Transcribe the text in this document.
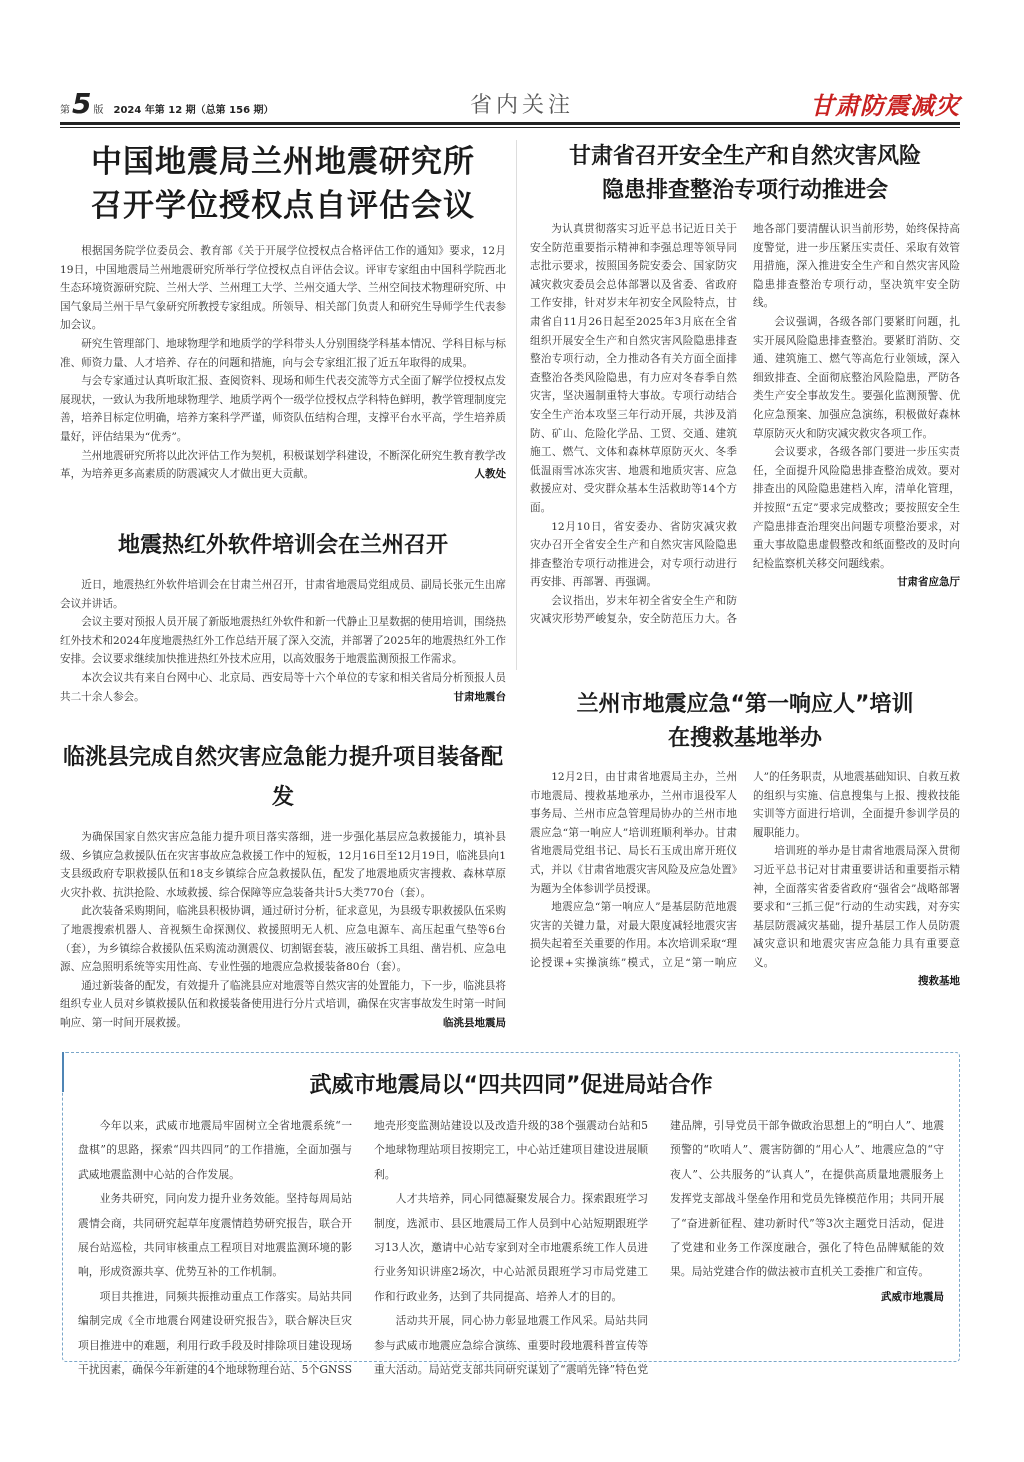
第 5 版 2024 年第 12 期（总第 156 期）	省内关注	甘肃防震减灾
中国地震局兰州地震研究所
召开学位授权点自评估会议

根据国务院学位委员会、教育部《关于开展学位授权点合格评估工作的通知》要求，12月19日，中国地震局兰州地震研究所举行学位授权点自评估会议。评审专家组由中国科学院西北生态环境资源研究院、兰州大学、兰州理工大学、兰州交通大学、兰州空间技术物理研究所、中国气象局兰州干旱气象研究所教授专家组成。所领导、相关部门负责人和研究生导师学生代表参加会议。

研究生管理部门、地球物理学和地质学的学科带头人分别围绕学科基本情况、学科目标与标准、师资力量、人才培养、存在的问题和措施，向与会专家组汇报了近五年取得的成果。

与会专家通过认真听取汇报、查阅资料、现场和师生代表交流等方式全面了解学位授权点发展现状，一致认为我所地球物理学、地质学两个一级学位授权点学科特色鲜明，教学管理制度完善，培养目标定位明确，培养方案科学严谨，师资队伍结构合理，支撑平台水平高，学生培养质量好，评估结果为“优秀”。

兰州地震研究所将以此次评估工作为契机，积极谋划学科建设，不断深化研究生教育教学改革，为培养更多高素质的防震减灾人才做出更大贡献。	人教处

地震热红外软件培训会在兰州召开

近日，地震热红外软件培训会在甘肃兰州召开，甘肃省地震局党组成员、副局长张元生出席会议并讲话。

会议主要对预报人员开展了新版地震热红外软件和新一代静止卫星数据的使用培训，围绕热红外技术和2024年度地震热红外工作总结开展了深入交流，并部署了2025年的地震热红外工作安排。会议要求继续加快推进热红外技术应用，以高效服务于地震监测预报工作需求。

本次会议共有来自台网中心、北京局、西安局等十六个单位的专家和相关省局分析预报人员共二十余人参会。	甘肃地震台

临洮县完成自然灾害应急能力提升项目装备配发

为确保国家自然灾害应急能力提升项目落实落细，进一步强化基层应急救援能力，填补县级、乡镇应急救援队伍在灾害事故应急救援工作中的短板，12月16日至12月19日，临洮县向1支县级政府专职救援队伍和18支乡镇综合应急救援队伍，配发了地震地质灾害搜救、森林草原火灾扑救、抗洪抢险、水域救援、综合保障等应急装备共计5大类770台（套）。

此次装备采购期间，临洮县积极协调，通过研讨分析，征求意见，为县级专职救援队伍采购了地震搜索机器人、音视频生命探测仪、救援照明无人机、应急电源车、高压起重气垫等6台（套），为乡镇综合救援队伍采购流动测震仪、切割锯套装，液压破拆工具组、凿岩机、应急电源、应急照明系统等实用性高、专业性强的地震应急救援装备80台（套）。

通过新装备的配发，有效提升了临洮县应对地震等自然灾害的处置能力，下一步，临洮县将组织专业人员对乡镇救援队伍和救援装备使用进行分片式培训，确保在灾害事故发生时第一时间响应、第一时间开展救援。	临洮县地震局

甘肃省召开安全生产和自然灾害风险
隐患排查整治专项行动推进会

为认真贯彻落实习近平总书记近日关于安全防范重要指示精神和李强总理等领导同志批示要求，按照国务院安委会、国家防灾减灾救灾委员会总体部署以及省委、省政府工作安排，针对岁末年初安全风险特点，甘肃省自11月26日起至2025年3月底在全省组织开展安全生产和自然灾害风险隐患排查整治专项行动，全力推动各有关方面全面排查整治各类风险隐患，有力应对冬春季自然灾害，坚决遏制重特大事故。专项行动结合安全生产治本攻坚三年行动开展，共涉及消防、矿山、危险化学品、工贸、交通、建筑施工、燃气、文体和森林草原防灭火、冬季低温雨雪冰冻灾害、地震和地质灾害、应急救援应对、受灾群众基本生活救助等14个方面。

12月10日，省安委办、省防灾减灾救灾办召开全省安全生产和自然灾害风险隐患排查整治专项行动推进会，对专项行动进行再安排、再部署、再强调。

会议指出，岁末年初全省安全生产和防灾减灾形势严峻复杂，安全防范压力大。各地各部门要清醒认识当前形势，始终保持高度警觉，进一步压紧压实责任、采取有效管用措施，深入推进安全生产和自然灾害风险隐患排查整治专项行动，坚决筑牢安全防线。

会议强调，各级各部门要紧盯问题，扎实开展风险隐患排查整治。要紧盯消防、交通、建筑施工、燃气等高危行业领域，深入细致排查、全面彻底整治风险隐患，严防各类生产安全事故发生。要强化监测预警、优化应急预案、加强应急演练，积极做好森林草原防灭火和防灾减灾救灾各项工作。

会议要求，各级各部门要进一步压实责任，全面提升风险隐患排查整治成效。要对排查出的风险隐患建档入库，清单化管理，并按照“五定”要求完成整改；要按照安全生产隐患排查治理突出问题专项整治要求，对重大事故隐患虚假整改和纸面整改的及时向纪检监察机关移交问题线索。
甘肃省应急厅

兰州市地震应急“第一响应人”培训
在搜救基地举办

12月2日，由甘肃省地震局主办，兰州市地震局、搜救基地承办，兰州市退役军人事务局、兰州市应急管理局协办的兰州市地震应急“第一响应人”培训班顺利举办。甘肃省地震局党组书记、局长石玉成出席开班仪式，并以《甘肃省地震灾害风险及应急处置》为题为全体参训学员授课。

地震应急“第一响应人”是基层防范地震灾害的关键力量，对最大限度减轻地震灾害损失起着至关重要的作用。本次培训采取“理论授课+实操演练”模式，立足“第一响应人”的任务职责，从地震基础知识、自救互救的组织与实施、信息搜集与上报、搜救技能实训等方面进行培训，全面提升参训学员的履职能力。

培训班的举办是甘肃省地震局深入贯彻习近平总书记对甘肃重要讲话和重要指示精神，全面落实省委省政府“强省会”战略部署要求和“三抓三促”行动的生动实践，对夯实基层防震减灾基础，提升基层工作人员防震减灾意识和地震灾害应急能力具有重要意义。

搜救基地
武威市地震局以“四共四同”促进局站合作

今年以来，武威市地震局牢固树立全省地震系统“一盘棋”的思路，探索“四共四同”的工作措施，全面加强与武威地震监测中心站的合作发展。

业务共研究，同向发力提升业务效能。坚持每周局站震情会商，共同研究起草年度震情趋势研究报告，联合开展台站巡检，共同审核重点工程项目对地震监测环境的影响，形成资源共享、优势互补的工作机制。

项目共推进，同频共振推动重点工作落实。局站共同编制完成《全市地震台网建设研究报告》，联合解决巨灾项目推进中的难题，利用行政手段及时排除项目建设现场干扰因素，确保今年新建的4个地球物理台站、5个GNSS地壳形变监测站建设以及改造升级的38个强震动台站和5个地球物理站项目按期完工，中心站迁建项目建设进展顺利。

人才共培养，同心同德凝聚发展合力。探索跟班学习制度，选派市、县区地震局工作人员到中心站短期跟班学习13人次，邀请中心站专家到对全市地震系统工作人员进行业务知识讲座2场次，中心站派员跟班学习市局党建工作和行政业务，达到了共同提高、培养人才的目的。

活动共开展，同心协力彰显地震工作风采。局站共同参与武威市地震应急综合演练、重要时段地震科普宣传等重大活动。局站党支部共同研究谋划了“震哨先锋”特色党建品牌，引导党员干部争做政治思想上的“明白人”、地震预警的“吹哨人”、震害防御的“用心人”、地震应急的“守夜人”、公共服务的“认真人”，在提供高质量地震服务上发挥党支部战斗堡垒作用和党员先锋模范作用；共同开展了“奋进新征程、建功新时代”等3次主题党日活动，促进了党建和业务工作深度融合，强化了特色品牌赋能的效果。局站党建合作的做法被市直机关工委推广和宣传。
武威市地震局
